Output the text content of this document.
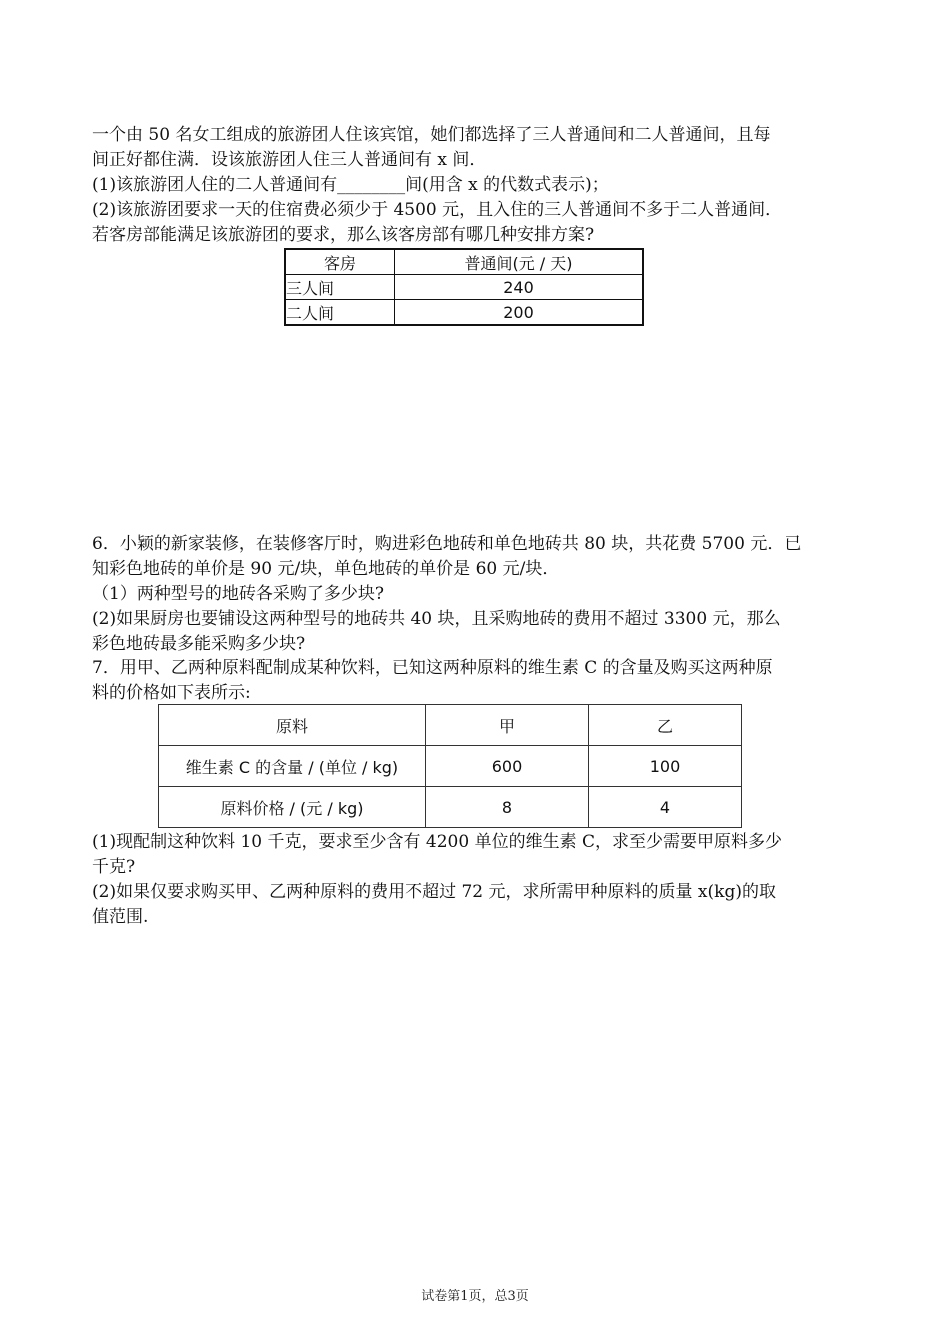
一个由 50 名女工组成的旅游团人住该宾馆，她们都选择了三人普通间和二人普通间，且每
间正好都住满．设该旅游团人住三人普通间有 x 间．
(1)该旅游团人住的二人普通间有________间(用含 x 的代数式表示)；
(2)该旅游团要求一天的住宿费必须少于 4500 元，且入住的三人普通间不多于二人普通间．
若客房部能满足该旅游团的要求，那么该客房部有哪几种安排方案?
客房	普通间(元 / 天)
三人间	240
二人间	200
6．小颖的新家装修，在装修客厅时，购进彩色地砖和单色地砖共 80 块，共花费 5700 元．已
知彩色地砖的单价是 90 元/块，单色地砖的单价是 60 元/块．
（1）两种型号的地砖各采购了多少块?
(2)如果厨房也要铺设这两种型号的地砖共 40 块，且采购地砖的费用不超过 3300 元，那么
彩色地砖最多能采购多少块?
7．用甲、乙两种原料配制成某种饮料，已知这两种原料的维生素 C 的含量及购买这两种原
料的价格如下表所示:
原料	甲	乙
维生素 C 的含量 / (单位 / kg)	600	100
原料价格 / (元 / kg)	8	4
(1)现配制这种饮料 10 千克，要求至少含有 4200 单位的维生素 C，求至少需要甲原料多少
千克?
(2)如果仅要求购买甲、乙两种原料的费用不超过 72 元，求所需甲种原料的质量 x(kg)的取
值范围.
试卷第1页，总3页
